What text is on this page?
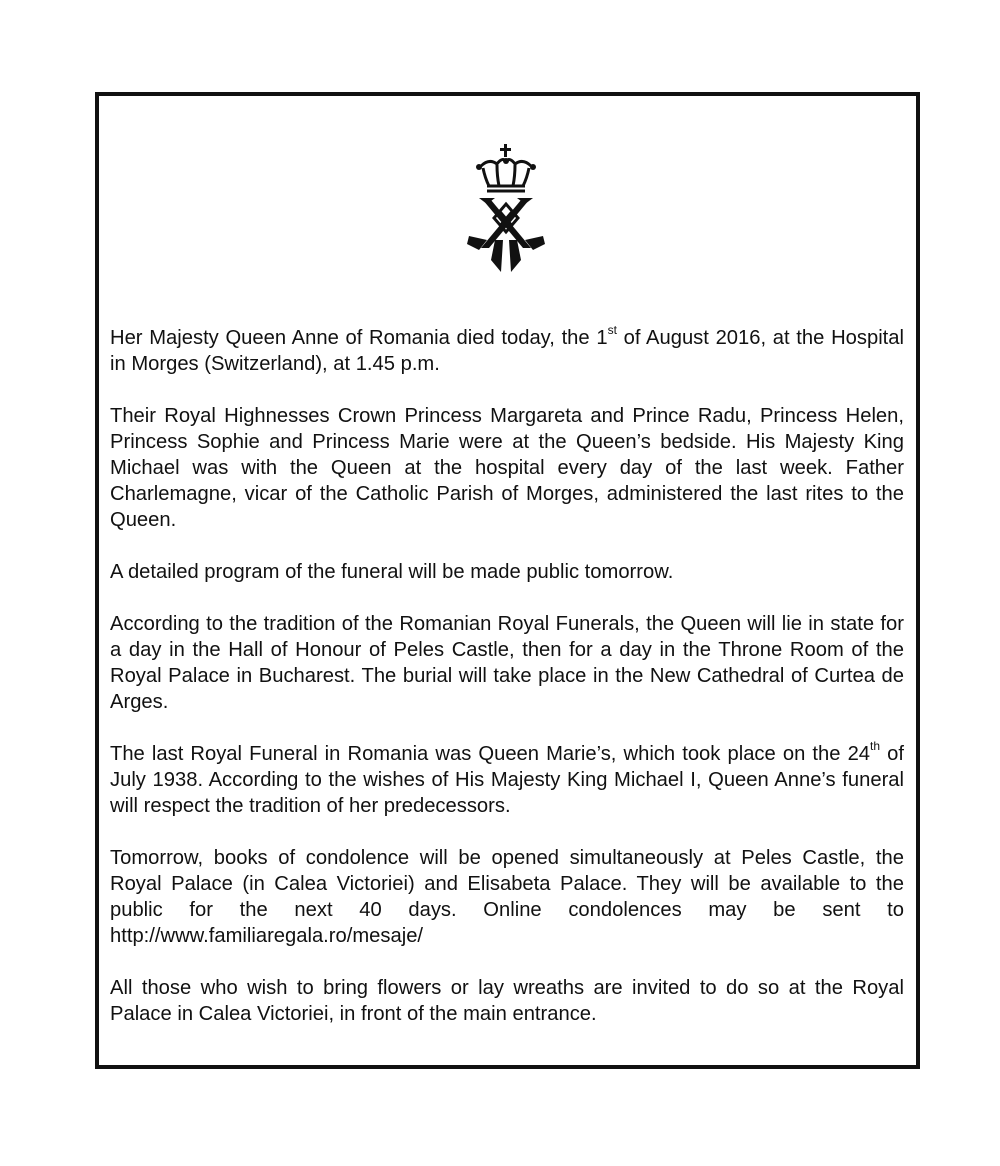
Her Majesty Queen Anne of Romania died today, the 1st of August 2016, at the Hospital in Morges (Switzerland), at 1.45 p.m.

Their Royal Highnesses Crown Princess Margareta and Prince Radu, Princess Helen, Princess Sophie and Princess Marie were at the Queen’s bedside. His Majesty King Michael was with the Queen at the hospital every day of the last week. Father Charlemagne, vicar of the Catholic Parish of Morges, administered the last rites to the Queen.

A detailed program of the funeral will be made public tomorrow.

According to the tradition of the Romanian Royal Funerals, the Queen will lie in state for a day in the Hall of Honour of Peles Castle, then for a day in the Throne Room of the Royal Palace in Bucharest. The burial will take place in the New Cathedral of Curtea de Arges.

The last Royal Funeral in Romania was Queen Marie’s, which took place on the 24th of July 1938. According to the wishes of His Majesty King Michael I, Queen Anne’s funeral will respect the tradition of her predecessors.

Tomorrow, books of condolence will be opened simultaneously at Peles Castle, the Royal Palace (in Calea Victoriei) and Elisabeta Palace. They will be available to the public for the next 40 days. Online condolences may be sent to http://www.familiaregala.ro/mesaje/

All those who wish to bring flowers or lay wreaths are invited to do so at the Royal Palace in Calea Victoriei, in front of the main entrance.
